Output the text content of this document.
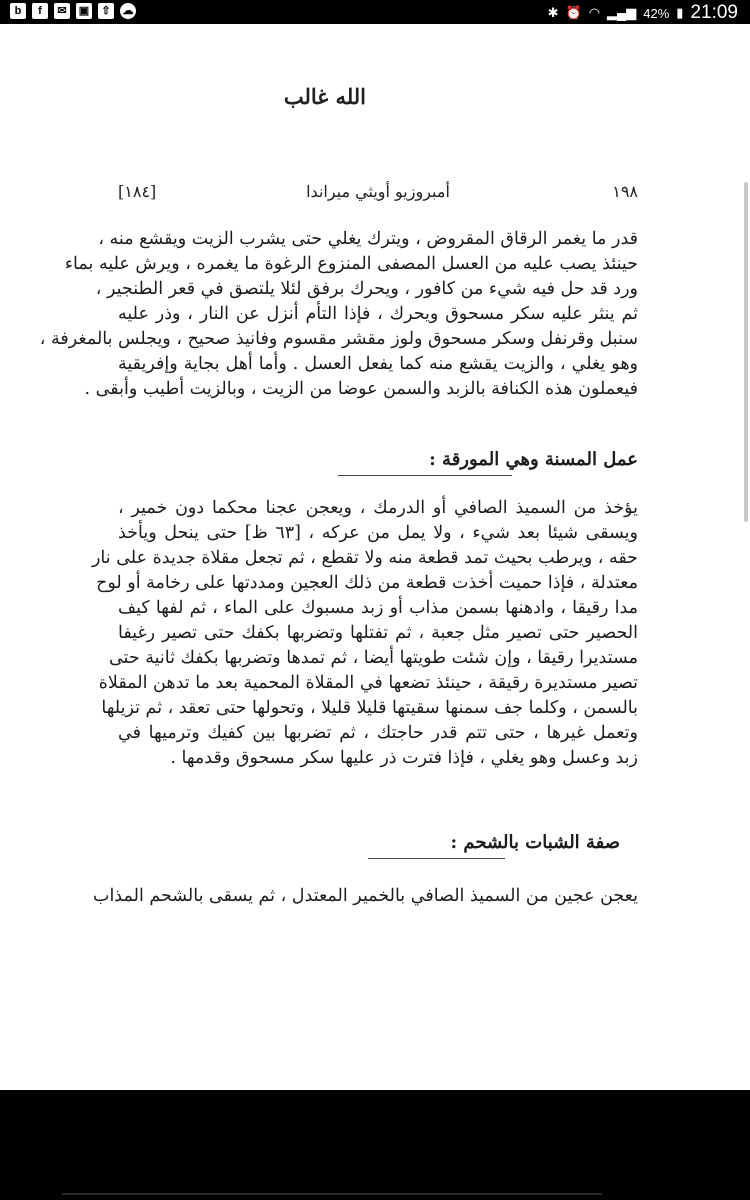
b	f	✉	▣	⇧	☁	✱ ⏰ ◠ ▂▄▆ 42% ▮ 21:09
الله غالب
[١٨٤]	أمبروزيو أويثي ميراندا	١٩٨
قدر ما يغمر الرقاق المقروض ، ويترك يغلي حتى يشرب الزيت ويقشع منه ،
حينئذ يصب عليه من العسل المصفى المنزوع الرغوة ما يغمره ، ويرش عليه بماء
ورد قد حل فيه شيء من كافور ، ويحرك برفق لئلا يلتصق في قعر الطنجير ،
ثم ينثر عليه سكر مسحوق ويحرك ، فإذا التأم أنزل عن النار ، وذر عليه
سنبل وقرنفل وسكر مسحوق ولوز مقشر مقسوم وفانيذ صحيح ، ويجلس بالمغرفة ،
وهو يغلي ، والزيت يقشع منه كما يفعل العسل . وأما أهل بجاية وإفريقية
فيعملون هذه الكنافة بالزبد والسمن عوضا من الزيت ، وبالزيت أطيب وأبقى .
عمل المسنة وهي المورقة :
يؤخذ من السميذ الصافي أو الدرمك ، ويعجن عجنا محكما دون خمير ،
ويسقى شيئا بعد شيء ، ولا يمل من عركه ، [٦٣ ظ] حتى ينحل ويأخذ
حقه ، ويرطب بحيث تمد قطعة منه ولا تقطع ، ثم تجعل مقلاة جديدة على نار
معتدلة ، فإذا حميت أخذت قطعة من ذلك العجين ومددتها على رخامة أو لوح
مدا رقيقا ، وادهنها بسمن مذاب أو زبد مسبوك على الماء ، ثم لفها كيف
الحصير حتى تصير مثل جعبة ، ثم تفتلها وتضربها بكفك حتى تصير رغيفا
مستديرا رقيقا ، وإن شئت طويتها أيضا ، ثم تمدها وتضربها بكفك ثانية حتى
تصير مستديرة رقيقة ، حينئذ تضعها في المقلاة المحمية بعد ما تدهن المقلاة
بالسمن ، وكلما جف سمنها سقيتها قليلا قليلا ، وتحولها حتى تعقد ، ثم تزيلها
وتعمل غيرها ، حتى تتم قدر حاجتك ، ثم تضربها بين كفيك وترميها في
زبد وعسل وهو يغلي ، فإذا فترت ذر عليها سكر مسحوق وقدمها .
صفة الشبات بالشحم :
يعجن عجين من السميذ الصافي بالخمير المعتدل ، ثم يسقى بالشحم المذاب
